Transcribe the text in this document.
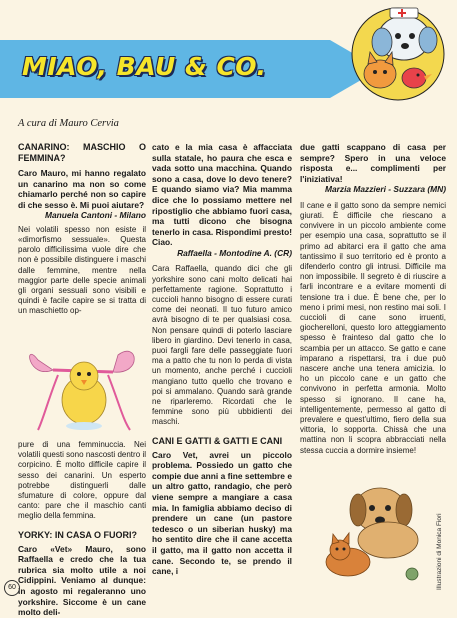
MIAO, BAU & CO.
A cura di Mauro Cervia

CANARINO: MASCHIO O FEMMINA?

Caro Mauro, mi hanno regalato un canarino ma non so come chiamarlo perché non so capire di che sesso è. Mi puoi aiutare?

Manuela Cantoni - Milano

Nei volatili spesso non esiste il «dimorfismo sessuale». Questa parolo difficilissima vuole dire che non è possibile distinguere i maschi dalle femmine, mentre nella maggior parte delle specie animali gli organi sessuali sono visibili e quindi è facile capire se si tratta di un maschietto op-

pure di una femminuccia. Nei volatili questi sono nascosti dentro il corpicino. È molto difficile capire il sesso dei canarini. Un esperto potrebbe distinguerli dalle sfumature di colore, oppure dal canto: pare che il maschio canti meglio della femmina.

YORKY: IN CASA O FUORI?

Caro «Vet» Mauro, sono Raffaella e credo che la tua rubrica sia molto utile a noi Cidippini. Veniamo al dunque: in agosto mi regaleranno uno yorkshire. Siccome è un cane molto deli-

cato e la mia casa è affacciata sulla statale, ho paura che esca e vada sotto una macchina. Quando sono a casa, dove lo devo tenere? E quando siamo via? Mia mamma dice che lo possiamo mettere nel ripostiglio che abbiamo fuori casa, ma tutti dicono che bisogna tenerlo in casa. Rispondimi presto! Ciao.

Raffaella - Montodine A. (CR)

Cara Raffaella, quando dici che gli yorkshire sono cani molto delicati hai perfettamente ragione. Soprattutto i cuccioli hanno bisogno di essere curati come dei neonati. Il tuo futuro amico avrà bisogno di te per qualsiasi cosa. Non pensare quindi di poterlo lasciare libero in giardino. Devi tenerlo in casa, puoi fargli fare delle passeggiate fuori ma a patto che tu non lo perda di vista un momento, anche perché i cuccioli mangiano tutto quello che trovano e poi si ammalano. Quando sarà grande ne riparleremo. Ricordati che le femmine sono più ubbidienti dei maschi.

CANI E GATTI & GATTI E CANI

Caro Vet, avrei un piccolo problema. Possiedo un gatto che compie due anni a fine settembre e un altro gatto, randagio, che però viene sempre a mangiare a casa mia. In famiglia abbiamo deciso di prendere un cane (un pastore tedesco o un siberian husky) ma ho sentito dire che il cane accetta il gatto, ma il gatto non accetta il cane. Secondo te, se prendo il cane, i

due gatti scappano di casa per sempre? Spero in una veloce risposta e... complimenti per l'iniziativa!

Marzia Mazzieri - Suzzara (MN)

Il cane e il gatto sono da sempre nemici giurati. È difficile che riescano a convivere in un piccolo ambiente come per esempio una casa, soprattutto se il primo ad abitarci era il gatto che ama tantissimo il suo territorio ed è pronto a difenderlo contro gli intrusi. Difficile ma non impossibile. Il segreto è di riuscire a farli incontrare e a evitare momenti di tensione tra i due. È bene che, per lo meno i primi mesi, non restino mai soli. I cuccioli di cane sono irruenti, giocherelloni, questo loro atteggiamento spesso è frainteso dal gatto che lo scambia per un attacco. Se gatto e cane imparano a rispettarsi, tra i due può nascere anche una tenera amicizia. Io ho un piccolo cane e un gatto che convivono in perfetta armonia. Molto spesso si ignorano. Il cane ha, intelligentemente, permesso al gatto di prevalere e quest'ultimo, fiero della sua vittoria, lo sopporta. Chissà che una mattina non li scopra abbracciati nella stessa cuccia a dormire insieme!

Illustrazioni di Monica Fiori
60
